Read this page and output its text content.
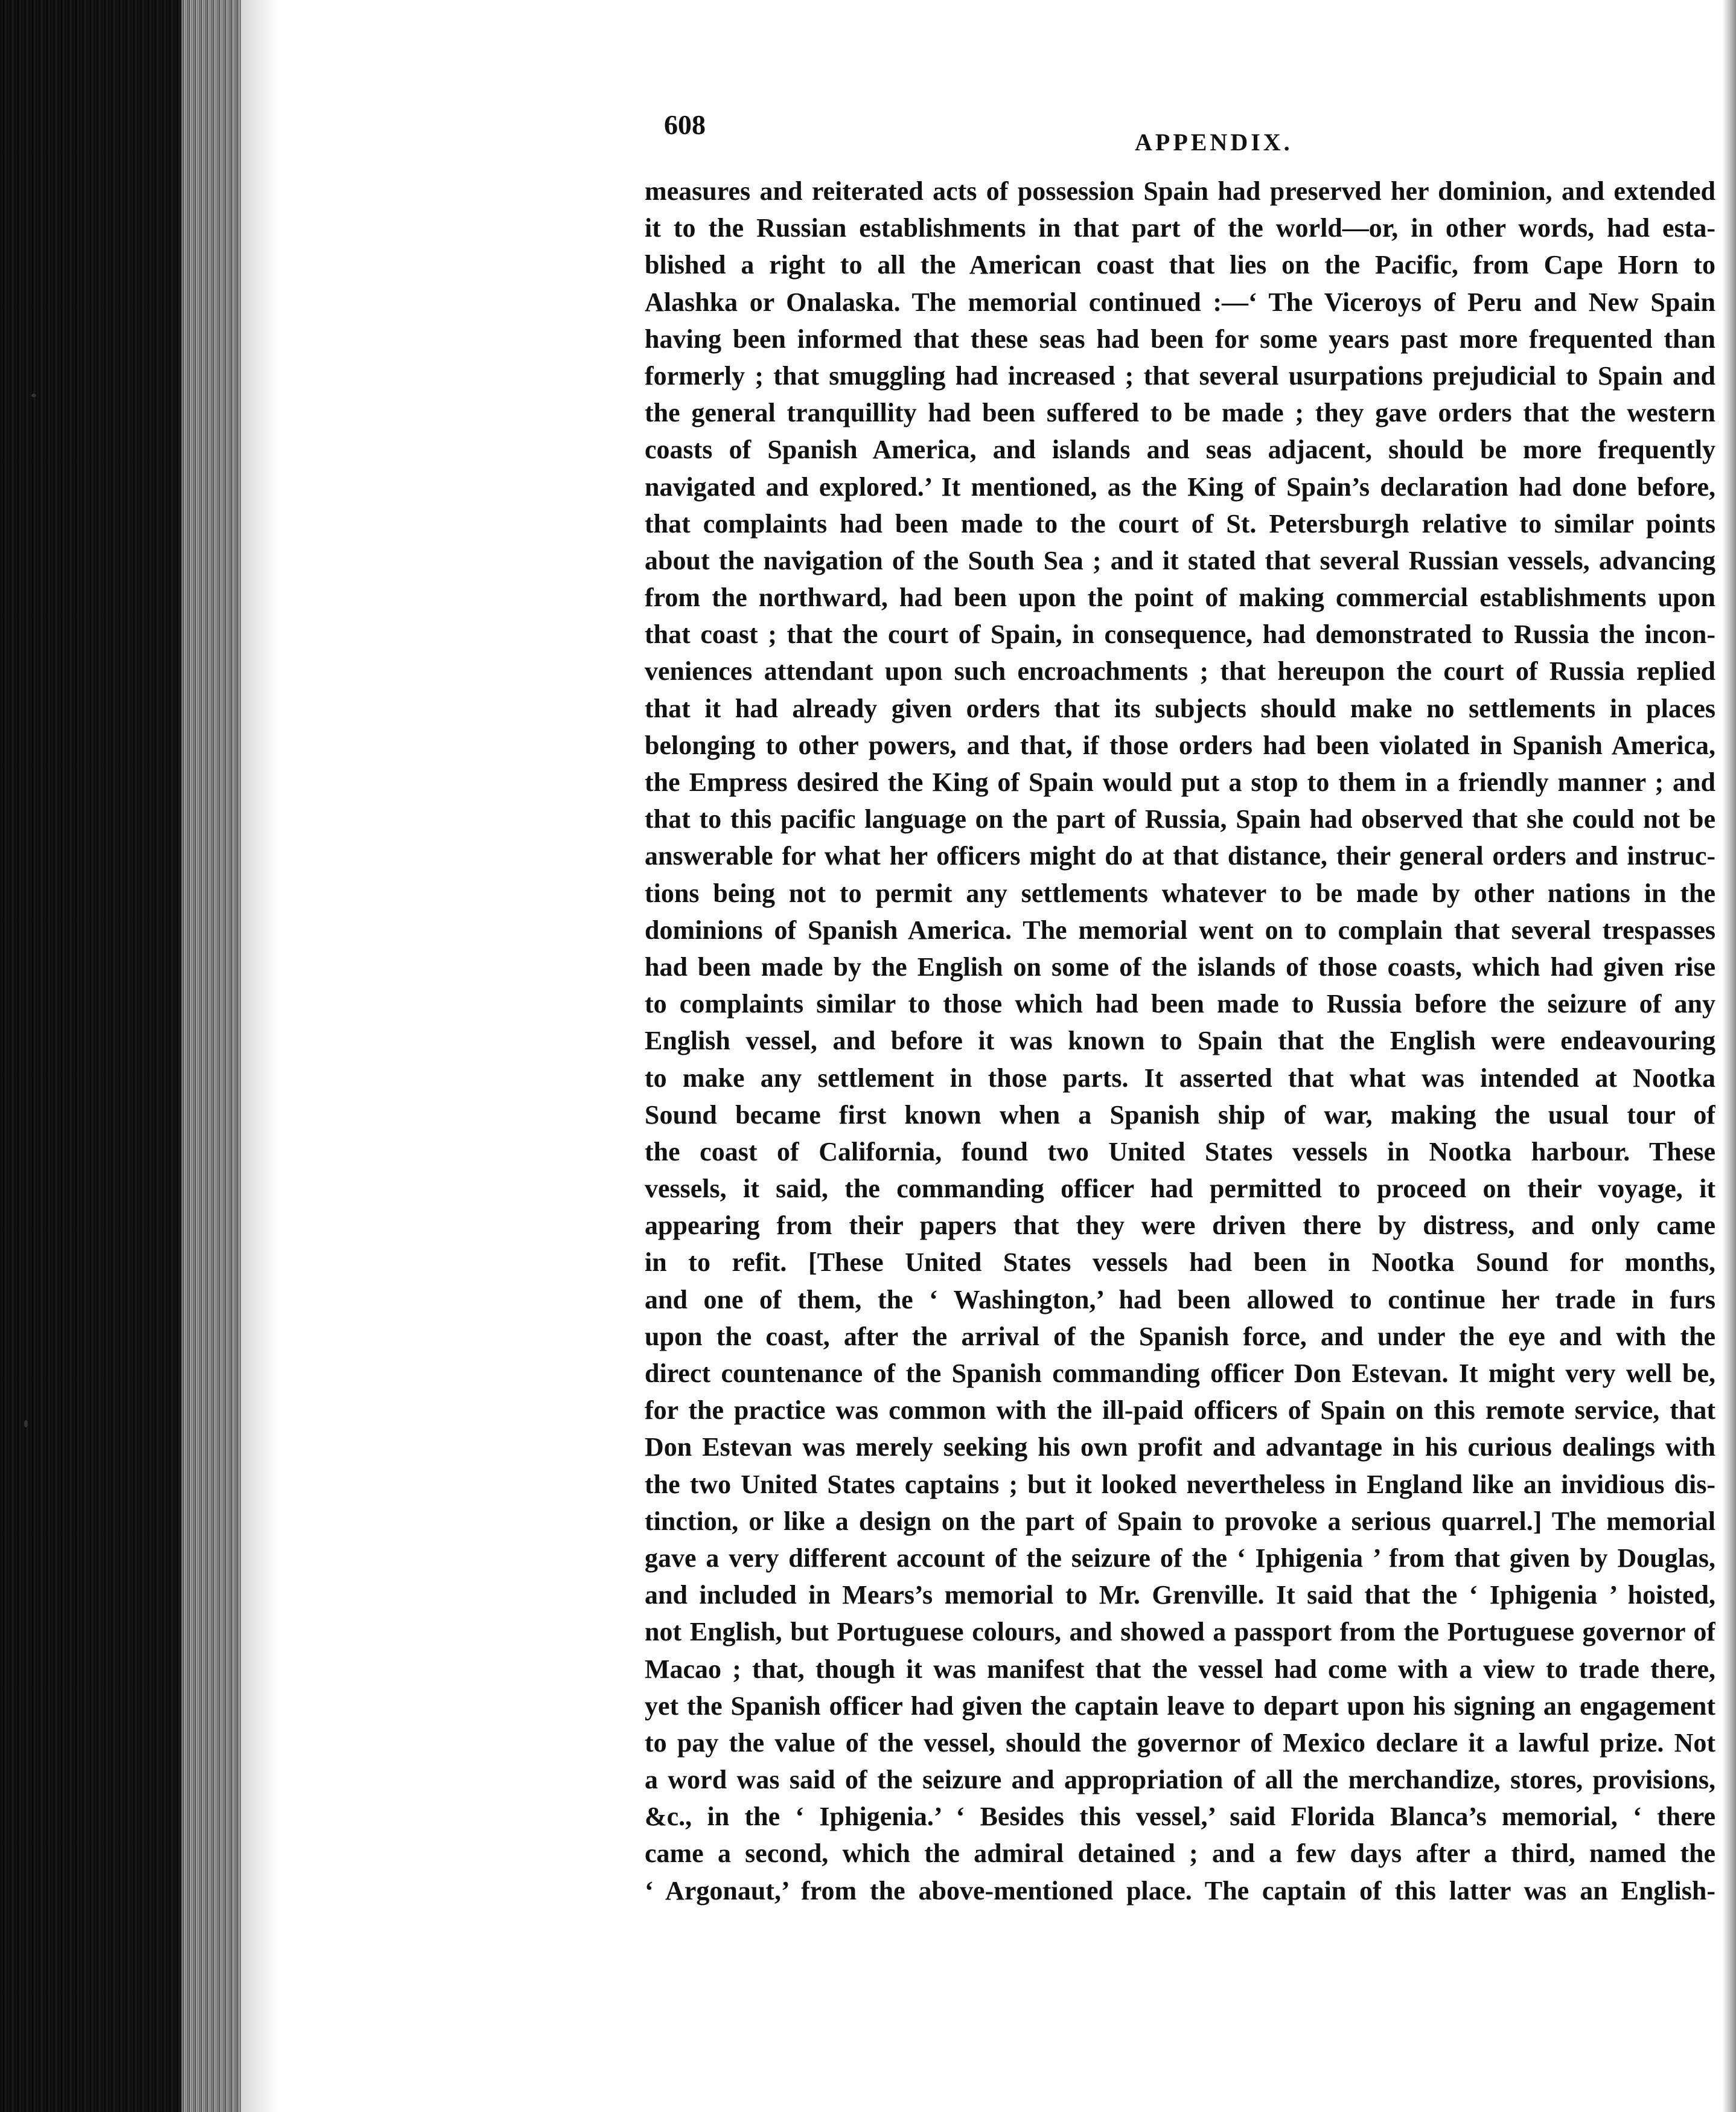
608
APPENDIX.
measures and reiterated acts of possession Spain had preserved her dominion, and extended
it to the Russian establishments in that part of the world—or, in other words, had esta-
blished a right to all the American coast that lies on the Pacific, from Cape Horn to
Alashka or Onalaska. The memorial continued :—‘ The Viceroys of Peru and New Spain
having been informed that these seas had been for some years past more frequented than
formerly ; that smuggling had increased ; that several usurpations prejudicial to Spain and
the general tranquillity had been suffered to be made ; they gave orders that the western
coasts of Spanish America, and islands and seas adjacent, should be more frequently
navigated and explored.’ It mentioned, as the King of Spain’s declaration had done before,
that complaints had been made to the court of St. Petersburgh relative to similar points
about the navigation of the South Sea ; and it stated that several Russian vessels, advancing
from the northward, had been upon the point of making commercial establishments upon
that coast ; that the court of Spain, in consequence, had demonstrated to Russia the incon-
veniences attendant upon such encroachments ; that hereupon the court of Russia replied
that it had already given orders that its subjects should make no settlements in places
belonging to other powers, and that, if those orders had been violated in Spanish America,
the Empress desired the King of Spain would put a stop to them in a friendly manner ; and
that to this pacific language on the part of Russia, Spain had observed that she could not be
answerable for what her officers might do at that distance, their general orders and instruc-
tions being not to permit any settlements whatever to be made by other nations in the
dominions of Spanish America. The memorial went on to complain that several trespasses
had been made by the English on some of the islands of those coasts, which had given rise
to complaints similar to those which had been made to Russia before the seizure of any
English vessel, and before it was known to Spain that the English were endeavouring
to make any settlement in those parts. It asserted that what was intended at Nootka
Sound became first known when a Spanish ship of war, making the usual tour of
the coast of California, found two United States vessels in Nootka harbour. These
vessels, it said, the commanding officer had permitted to proceed on their voyage, it
appearing from their papers that they were driven there by distress, and only came
in to refit. [These United States vessels had been in Nootka Sound for months,
and one of them, the ‘ Washington,’ had been allowed to continue her trade in furs
upon the coast, after the arrival of the Spanish force, and under the eye and with the
direct countenance of the Spanish commanding officer Don Estevan. It might very well be,
for the practice was common with the ill-paid officers of Spain on this remote service, that
Don Estevan was merely seeking his own profit and advantage in his curious dealings with
the two United States captains ; but it looked nevertheless in England like an invidious dis-
tinction, or like a design on the part of Spain to provoke a serious quarrel.] The memorial
gave a very different account of the seizure of the ‘ Iphigenia ’ from that given by Douglas,
and included in Mears’s memorial to Mr. Grenville. It said that the ‘ Iphigenia ’ hoisted,
not English, but Portuguese colours, and showed a passport from the Portuguese governor of
Macao ; that, though it was manifest that the vessel had come with a view to trade there,
yet the Spanish officer had given the captain leave to depart upon his signing an engagement
to pay the value of the vessel, should the governor of Mexico declare it a lawful prize. Not
a word was said of the seizure and appropriation of all the merchandize, stores, provisions,
&c., in the ‘ Iphigenia.’ ‘ Besides this vessel,’ said Florida Blanca’s memorial, ‘ there
came a second, which the admiral detained ; and a few days after a third, named the
‘ Argonaut,’ from the above-mentioned place. The captain of this latter was an English-
